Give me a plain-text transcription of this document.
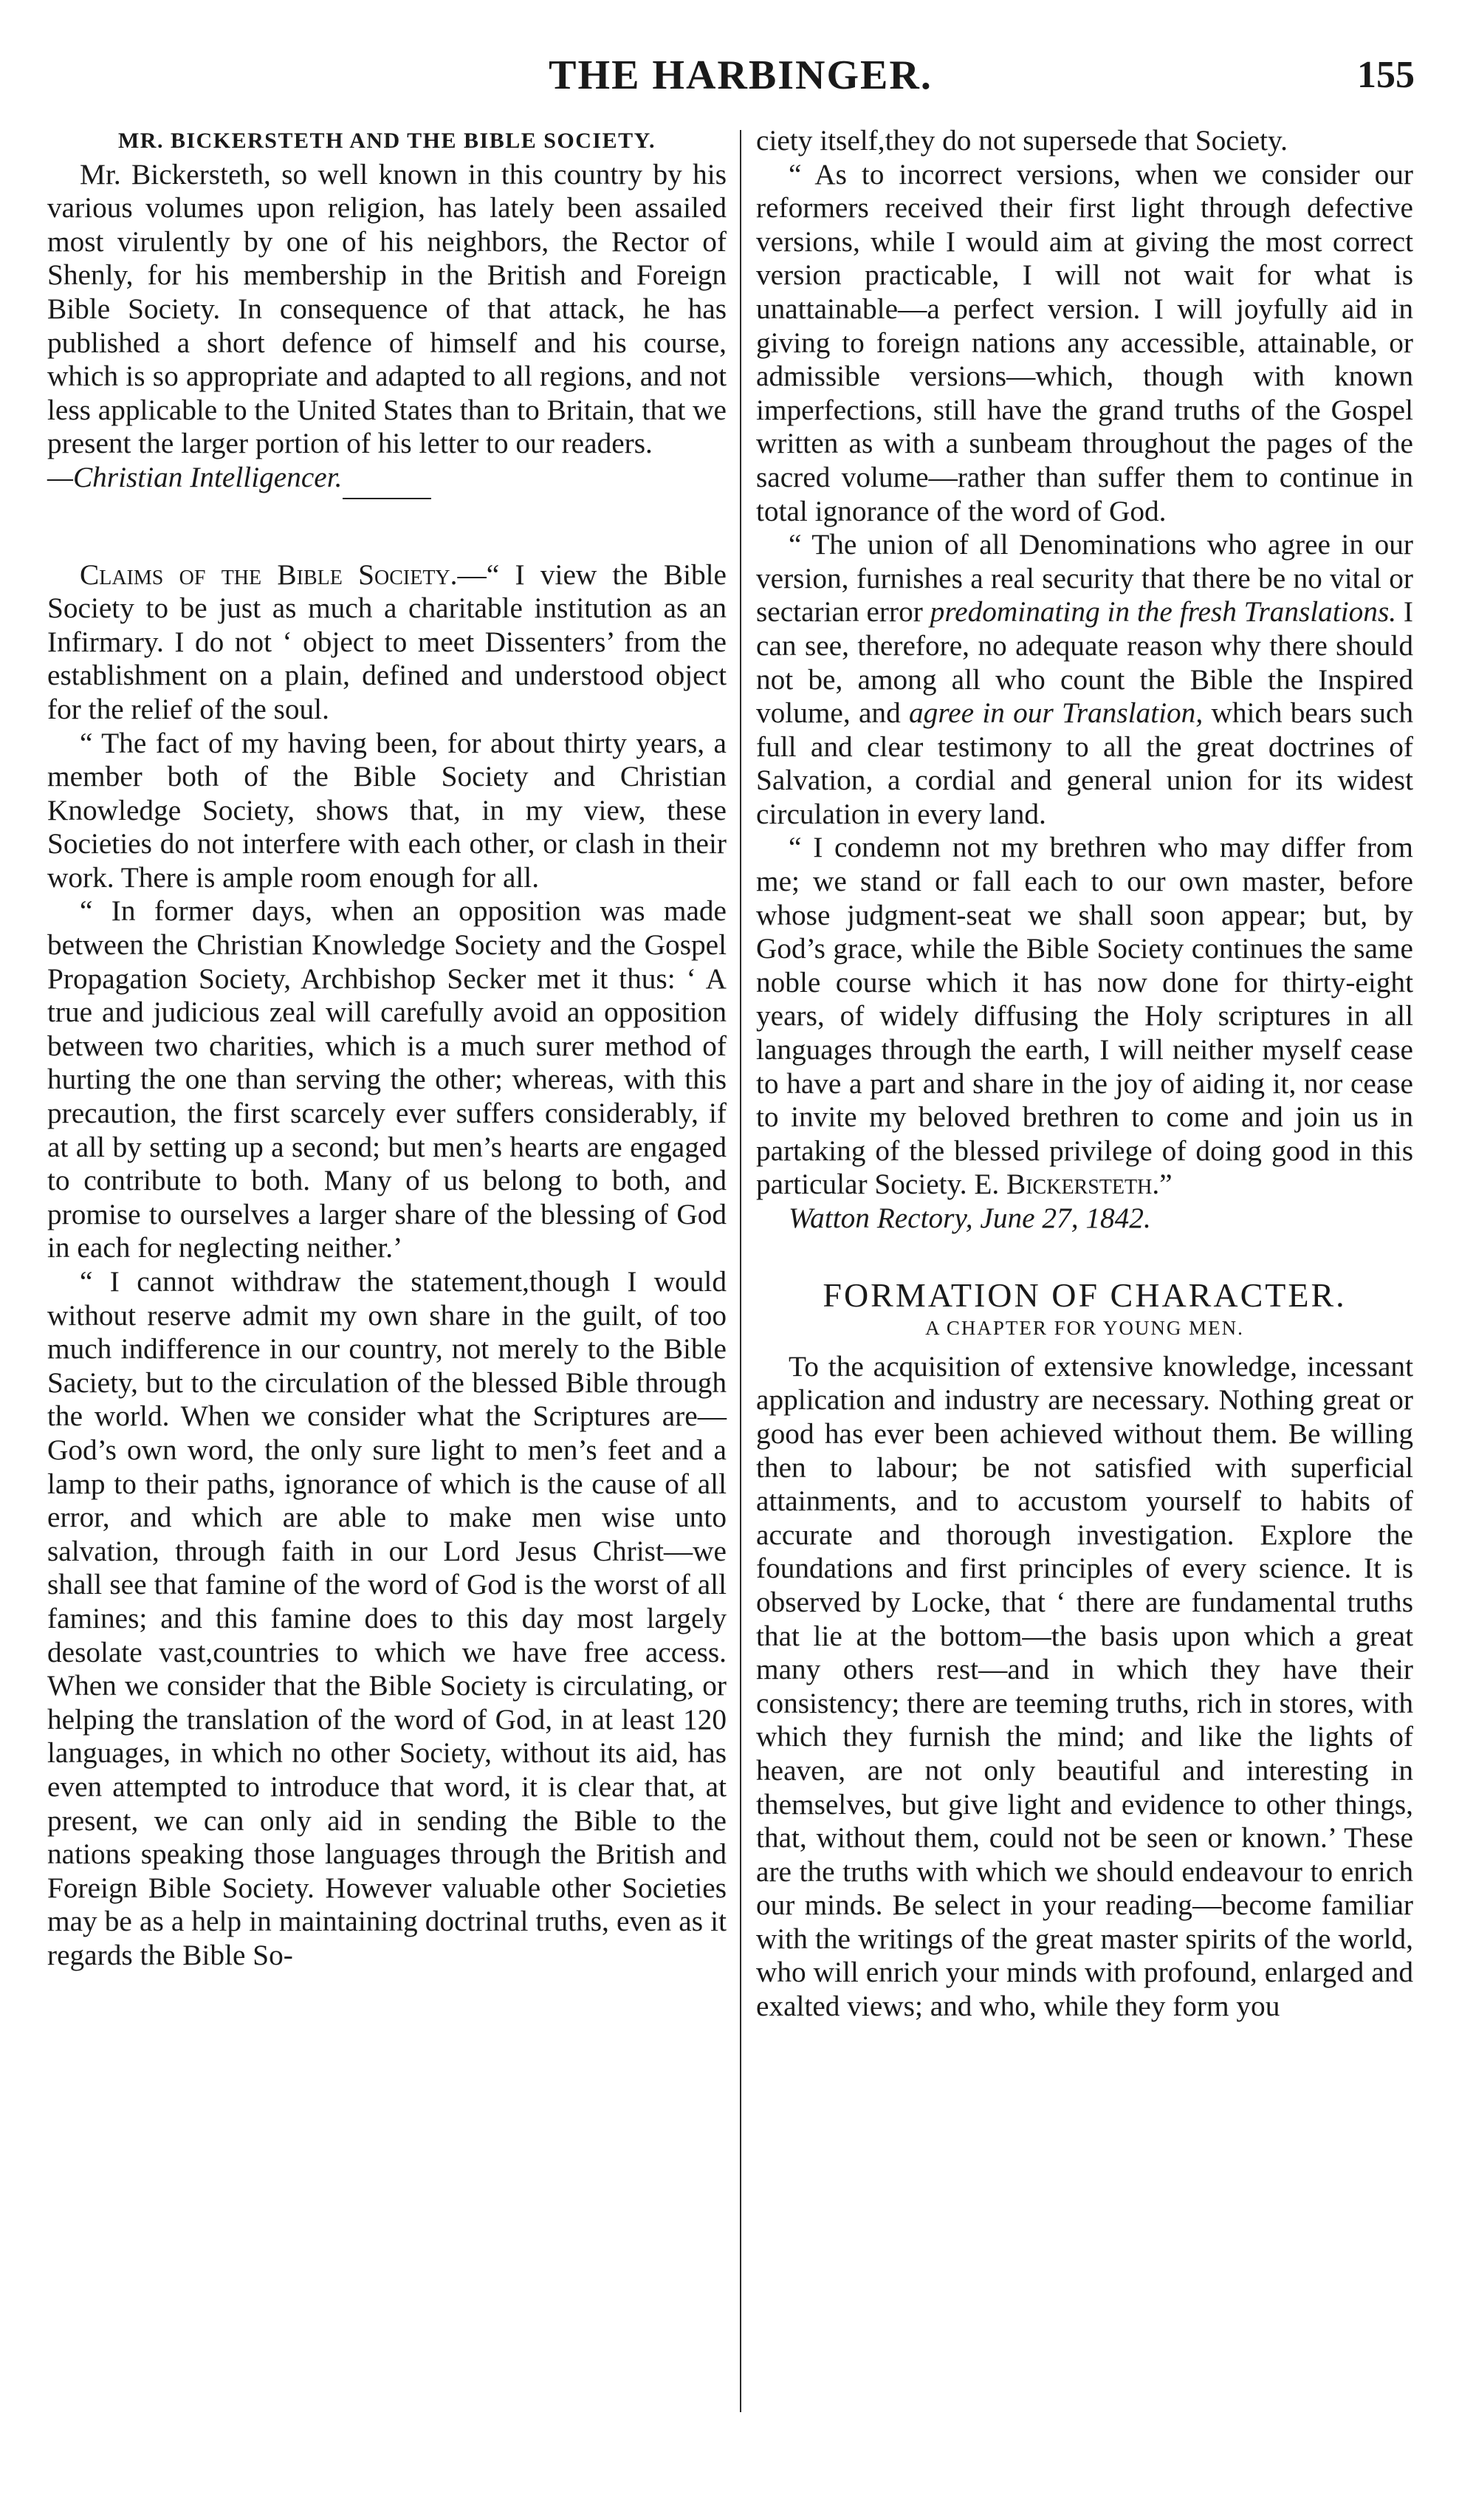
THE HARBINGER.	155

MR. BICKERSTETH AND THE BIBLE SOCIETY.

Mr. Bickersteth, so well known in this country by his various volumes upon religion, has lately been assailed most virulently by one of his neighbors, the Rector of Shenly, for his membership in the British and Foreign Bible Society. In consequence of that attack, he has published a short defence of himself and his course, which is so appropriate and adapted to all regions, and not less applicable to the United States than to Britain, that we present the larger portion of his letter to our readers.

—Christian Intelligencer.

Claims of the Bible Society.—“ I view the Bible Society to be just as much a charitable institution as an Infirmary. I do not ‘ object to meet Dissenters’ from the establishment on a plain, defined and understood object for the relief of the soul.

“ The fact of my having been, for about thirty years, a member both of the Bible Society and Christian Knowledge Society, shows that, in my view, these Societies do not interfere with each other, or clash in their work. There is ample room enough for all.

“ In former days, when an opposition was made between the Christian Knowledge Society and the Gospel Propagation Society, Archbishop Secker met it thus: ‘ A true and judicious zeal will carefully avoid an opposition between two charities, which is a much surer method of hurting the one than serving the other; whereas, with this precaution, the first scarcely ever suffers considerably, if at all by setting up a second; but men’s hearts are engaged to contribute to both. Many of us belong to both, and promise to ourselves a larger share of the blessing of God in each for neglecting neither.’

“ I cannot withdraw the statement,though I would without reserve admit my own share in the guilt, of too much indifference in our country, not merely to the Bible Saciety, but to the circulation of the blessed Bible through the world. When we consider what the Scriptures are—God’s own word, the only sure light to men’s feet and a lamp to their paths, ignorance of which is the cause of all error, and which are able to make men wise unto salvation, through faith in our Lord Jesus Christ—we shall see that famine of the word of God is the worst of all famines; and this famine does to this day most largely desolate vast,countries to which we have free access. When we consider that the Bible Society is circulating, or helping the translation of the word of God, in at least 120 languages, in which no other Society, without its aid, has even attempted to introduce that word, it is clear that, at present, we can only aid in sending the Bible to the nations speaking those languages through the British and Foreign Bible Society. However valuable other Societies may be as a help in maintaining doctrinal truths, even as it regards the Bible So-

ciety itself,they do not supersede that Society.

“ As to incorrect versions, when we consider our reformers received their first light through defective versions, while I would aim at giving the most correct version practicable, I will not wait for what is unattainable—a perfect version. I will joyfully aid in giving to foreign nations any accessible, attainable, or admissible versions—which, though with known imperfections, still have the grand truths of the Gospel written as with a sunbeam throughout the pages of the sacred volume—rather than suffer them to continue in total ignorance of the word of God.

“ The union of all Denominations who agree in our version, furnishes a real security that there be no vital or sectarian error predominating in the fresh Translations. I can see, therefore, no adequate reason why there should not be, among all who count the Bible the Inspired volume, and agree in our Translation, which bears such full and clear testimony to all the great doctrines of Salvation, a cordial and general union for its widest circulation in every land.

“ I condemn not my brethren who may differ from me; we stand or fall each to our own master, before whose judgment-seat we shall soon appear; but, by God’s grace, while the Bible Society continues the same noble course which it has now done for thirty-eight years, of widely diffusing the Holy scriptures in all languages through the earth, I will neither myself cease to have a part and share in the joy of aiding it, nor cease to invite my beloved brethren to come and join us in partaking of the blessed privilege of doing good in this particular Society. E. Bickersteth.”

Watton Rectory, June 27, 1842.

FORMATION OF CHARACTER.

A CHAPTER FOR YOUNG MEN.

To the acquisition of extensive knowledge, incessant application and industry are necessary. Nothing great or good has ever been achieved without them. Be willing then to labour; be not satisfied with superficial attainments, and to accustom yourself to habits of accurate and thorough investigation. Explore the foundations and first principles of every science. It is observed by Locke, that ‘ there are fundamental truths that lie at the bottom—the basis upon which a great many others rest—and in which they have their consistency; there are teeming truths, rich in stores, with which they furnish the mind; and like the lights of heaven, are not only beautiful and interesting in themselves, but give light and evidence to other things, that, without them, could not be seen or known.’ These are the truths with which we should endeavour to enrich our minds. Be select in your reading—become familiar with the writings of the great master spirits of the world, who will enrich your minds with profound, enlarged and exalted views; and who, while they form you
